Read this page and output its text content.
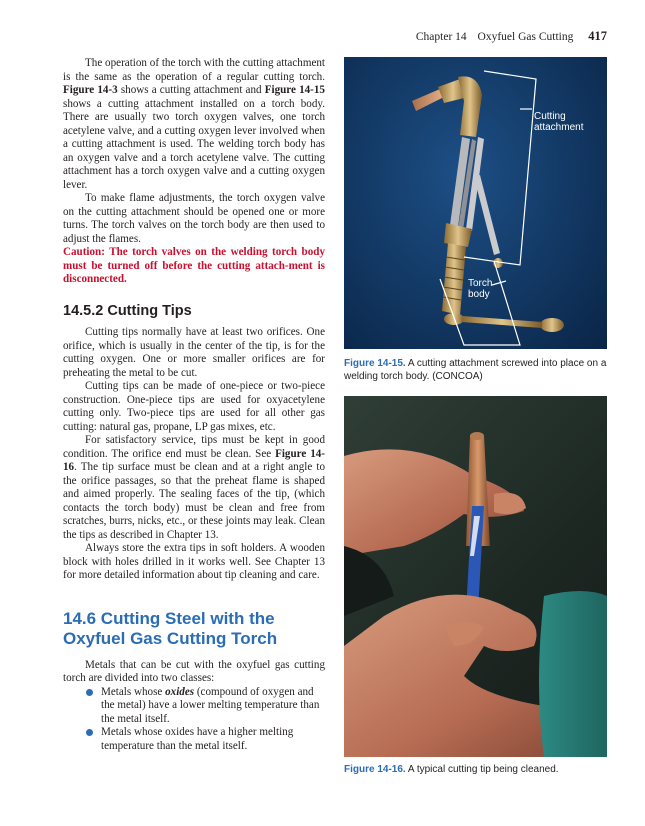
Chapter 14 Oxyfuel Gas Cutting 417

The operation of the torch with the cutting attachment is the same as the operation of a regular cutting torch. Figure 14-3 shows a cutting attachment and Figure 14-15 shows a cutting attachment installed on a torch body. There are usually two torch oxygen valves, one torch acetylene valve, and a cutting oxygen lever involved when a cutting attachment is used. The welding torch body has an oxygen valve and a torch acetylene valve. The cutting attachment has a torch oxygen valve and a cutting oxygen lever.

To make flame adjustments, the torch oxygen valve on the cutting attachment should be opened one or more turns. The torch valves on the torch body are then used to adjust the flames.

Caution: The torch valves on the welding torch body must be turned off before the cutting attach-ment is disconnected.

14.5.2 Cutting Tips

Cutting tips normally have at least two orifices. One orifice, which is usually in the center of the tip, is for the cutting oxygen. One or more smaller orifices are for preheating the metal to be cut.

Cutting tips can be made of one-piece or two-piece construction. One-piece tips are used for oxyacetylene cutting only. Two-piece tips are used for all other gas cutting: natural gas, propane, LP gas mixes, etc.

For satisfactory service, tips must be kept in good condition. The orifice end must be clean. See Figure 14-16. The tip surface must be clean and at a right angle to the orifice passages, so that the preheat flame is shaped and aimed properly. The sealing faces of the tip, (which contacts the torch body) must be clean and free from scratches, burrs, nicks, etc., or these joints may leak. Clean the tips as described in Chapter 13.

Always store the extra tips in soft holders. A wooden block with holes drilled in it works well. See Chapter 13 for more detailed information about tip cleaning and care.

14.6 Cutting Steel with the Oxyfuel Gas Cutting Torch

Metals that can be cut with the oxyfuel gas cutting torch are divided into two classes:

Metals whose oxides (compound of oxygen and the metal) have a lower melting temperature than the metal itself.
Metals whose oxides have a higher melting temperature than the metal itself.
Cutting attachment
Torch body
Figure 14-15. A cutting attachment screwed into place on a welding torch body. (CONCOA)
Figure 14-16. A typical cutting tip being cleaned.
